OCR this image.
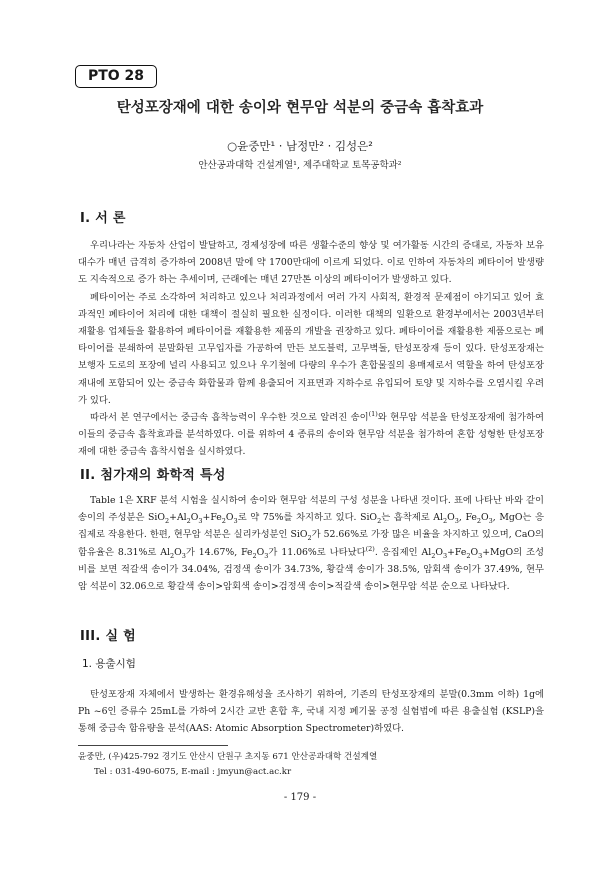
PTO 28
탄성포장재에 대한 송이와 현무암 석분의 중금속 흡착효과
○윤중만¹ · 남정만² · 김성은²
안산공과대학 건설계열¹, 제주대학교 토목공학과²
I. 서 론

우리나라는 자동차 산업이 발달하고, 경제성장에 따른 생활수준의 향상 및 여가활동 시간의 증대로, 자동차 보유대수가 매년 급격히 증가하여 2008년 말에 약 1700만대에 이르게 되었다. 이로 인하여 자동차의 폐타이어 발생량도 지속적으로 증가 하는 추세이며, 근래에는 매년 27만톤 이상의 폐타이어가 발생하고 있다.

폐타이어는 주로 소각하여 처리하고 있으나 처리과정에서 여러 가지 사회적, 환경적 문제점이 야기되고 있어 효과적인 폐타이어 처리에 대한 대책이 절실히 필요한 실정이다. 이러한 대책의 일환으로 환경부에서는 2003년부터 재활용 업체들을 활용하여 폐타이어를 재활용한 제품의 개발을 권장하고 있다. 폐타이어를 재활용한 제품으로는 폐타이어를 분쇄하여 분말화된 고무입자를 가공하여 만든 보도블럭, 고무벽돌, 탄성포장재 등이 있다. 탄성포장재는 보행자 도로의 포장에 널리 사용되고 있으나 우기철에 다량의 우수가 혼합물질의 용매제로서 역할을 하여 탄성포장재내에 포함되어 있는 중금속 화합물과 함께 용출되어 지표면과 지하수로 유입되어 토양 및 지하수를 오염시킬 우려가 있다.

따라서 본 연구에서는 중금속 흡착능력이 우수한 것으로 알려진 송이$^{(1)}$와 현무암 석분을 탄성포장재에 첨가하여 이들의 중금속 흡착효과를 분석하였다. 이를 위하여 4 종류의 송이와 현무암 석분을 첨가하여 혼합 성형한 탄성포장재에 대한 중금속 흡착시험을 실시하였다.

II. 첨가재의 화학적 특성

Table 1은 XRF 분석 시험을 실시하여 송이와 현무암 석분의 구성 성분을 나타낸 것이다. 표에 나타난 바와 같이 송이의 주성분은 $SiO_2+Al_2O_3+Fe_2O_3$로 약 75%를 차지하고 있다. SiO$_2$는 흡착제로 $Al_2O_3$, $Fe_2O_3$, MgO는 응집제로 작용한다. 한편, 현무암 석분은 실리카성분인 SiO$_2$가 52.66%로 가장 많은 비율을 차지하고 있으며, CaO의 함유율은 8.31%로 $Al_2O_3$가 14.67%, $Fe_2O_3$가 11.06%로 나타났다$^{(2)}$. 응집제인 $Al_2O_3+Fe_2O_3+MgO$의 조성비를 보면 적갈색 송이가 34.04%, 검정색 송이가 34.73%, 황갈색 송이가 38.5%, 암회색 송이가 37.49%, 현무암 석분이 32.06으로 황갈색 송이>암회색 송이>검정색 송이>적갈색 송이>현무암 석분 순으로 나타났다.

III. 실 험
1. 용출시험

탄성포장재 자체에서 발생하는 환경유해성을 조사하기 위하여, 기존의 탄성포장재의 분말(0.3mm 이하) 1g에 Ph ~6인 증류수 25mL를 가하여 2시간 교반 혼합 후, 국내 지정 폐기물 공정 실험법에 따른 용출실험 (KSLP)을 통해 중금속 함유량을 분석(AAS: Atomic Absorption Spectrometer)하였다.

윤중만, (우)425-792 경기도 안산시 단원구 초지동 671 안산공과대학 건설계열
Tel : 031-490-6075, E-mail : jmyun@act.ac.kr
- 179 -
